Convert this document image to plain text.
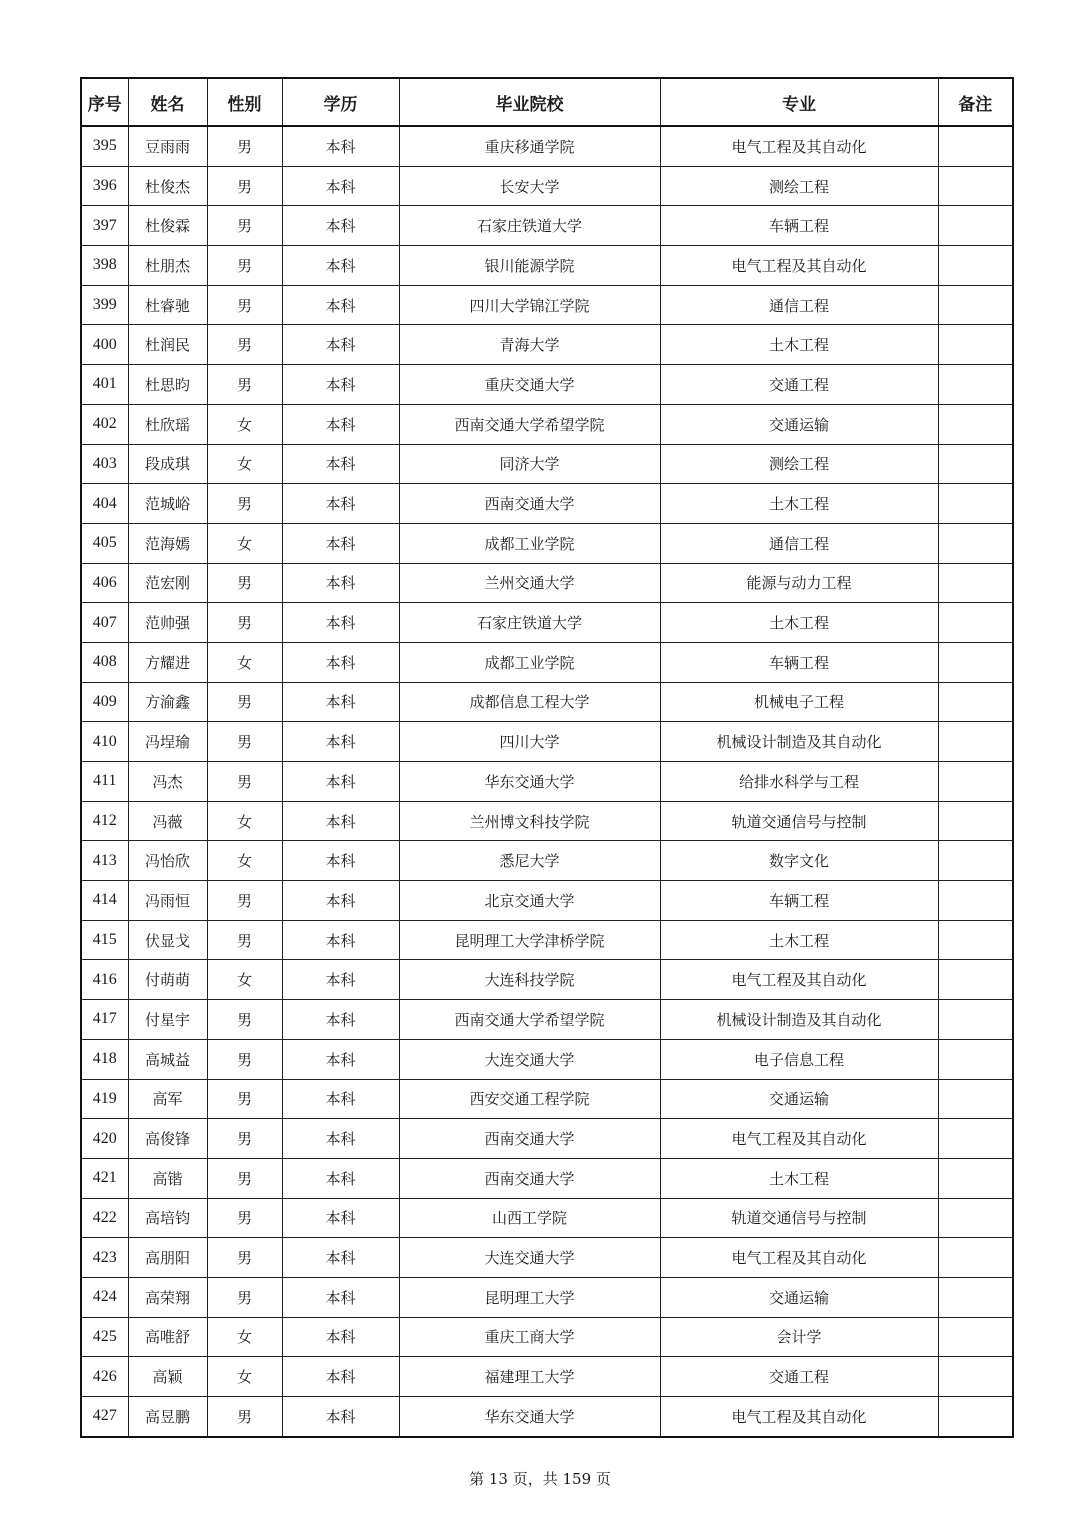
序号	姓名	性别	学历	毕业院校	专业	备注
395	豆雨雨	男	本科	重庆移通学院	电气工程及其自动化	
396	杜俊杰	男	本科	长安大学	测绘工程	
397	杜俊霖	男	本科	石家庄铁道大学	车辆工程	
398	杜朋杰	男	本科	银川能源学院	电气工程及其自动化	
399	杜睿驰	男	本科	四川大学锦江学院	通信工程	
400	杜润民	男	本科	青海大学	土木工程	
401	杜思昀	男	本科	重庆交通大学	交通工程	
402	杜欣瑶	女	本科	西南交通大学希望学院	交通运输	
403	段成琪	女	本科	同济大学	测绘工程	
404	范城峪	男	本科	西南交通大学	土木工程	
405	范海嫣	女	本科	成都工业学院	通信工程	
406	范宏刚	男	本科	兰州交通大学	能源与动力工程	
407	范帅强	男	本科	石家庄铁道大学	土木工程	
408	方耀进	女	本科	成都工业学院	车辆工程	
409	方渝鑫	男	本科	成都信息工程大学	机械电子工程	
410	冯埕瑜	男	本科	四川大学	机械设计制造及其自动化	
411	冯杰	男	本科	华东交通大学	给排水科学与工程	
412	冯薇	女	本科	兰州博文科技学院	轨道交通信号与控制	
413	冯怡欣	女	本科	悉尼大学	数字文化	
414	冯雨恒	男	本科	北京交通大学	车辆工程	
415	伏显戈	男	本科	昆明理工大学津桥学院	土木工程	
416	付萌萌	女	本科	大连科技学院	电气工程及其自动化	
417	付星宇	男	本科	西南交通大学希望学院	机械设计制造及其自动化	
418	高城益	男	本科	大连交通大学	电子信息工程	
419	高军	男	本科	西安交通工程学院	交通运输	
420	高俊锋	男	本科	西南交通大学	电气工程及其自动化	
421	高锴	男	本科	西南交通大学	土木工程	
422	高培钧	男	本科	山西工学院	轨道交通信号与控制	
423	高朋阳	男	本科	大连交通大学	电气工程及其自动化	
424	高荣翔	男	本科	昆明理工大学	交通运输	
425	高唯舒	女	本科	重庆工商大学	会计学	
426	高颖	女	本科	福建理工大学	交通工程	
427	高昱鹏	男	本科	华东交通大学	电气工程及其自动化	
第 13 页，共 159 页
